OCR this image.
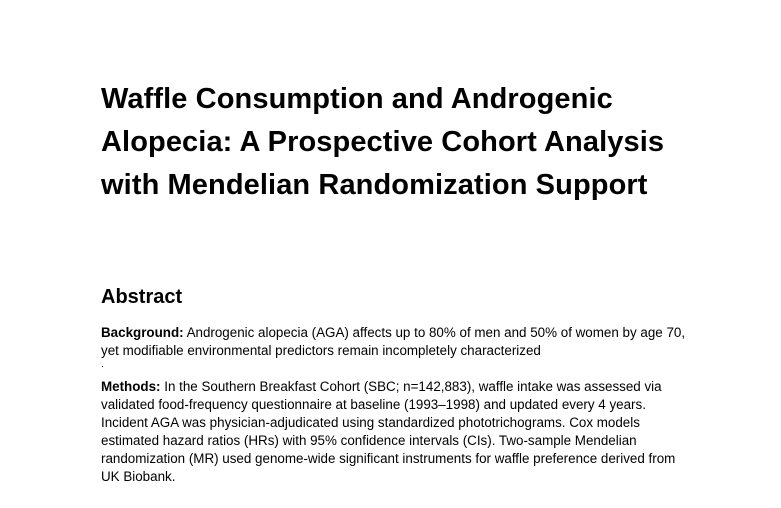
Waffle Consumption and Androgenic Alopecia: A Prospective Cohort Analysis with Mendelian Randomization Support
Abstract

Background: Androgenic alopecia (AGA) affects up to 80% of men and 50% of women by age 70, yet modifiable environmental predictors remain incompletely characterized

.

Methods: In the Southern Breakfast Cohort (SBC; n=142,883), waffle intake was assessed via validated food-frequency questionnaire at baseline (1993–1998) and updated every 4 years. Incident AGA was physician-adjudicated using standardized phototrichograms. Cox models estimated hazard ratios (HRs) with 95% confidence intervals (CIs). Two-sample Mendelian randomization (MR) used genome-wide significant instruments for waffle preference derived from UK Biobank.
